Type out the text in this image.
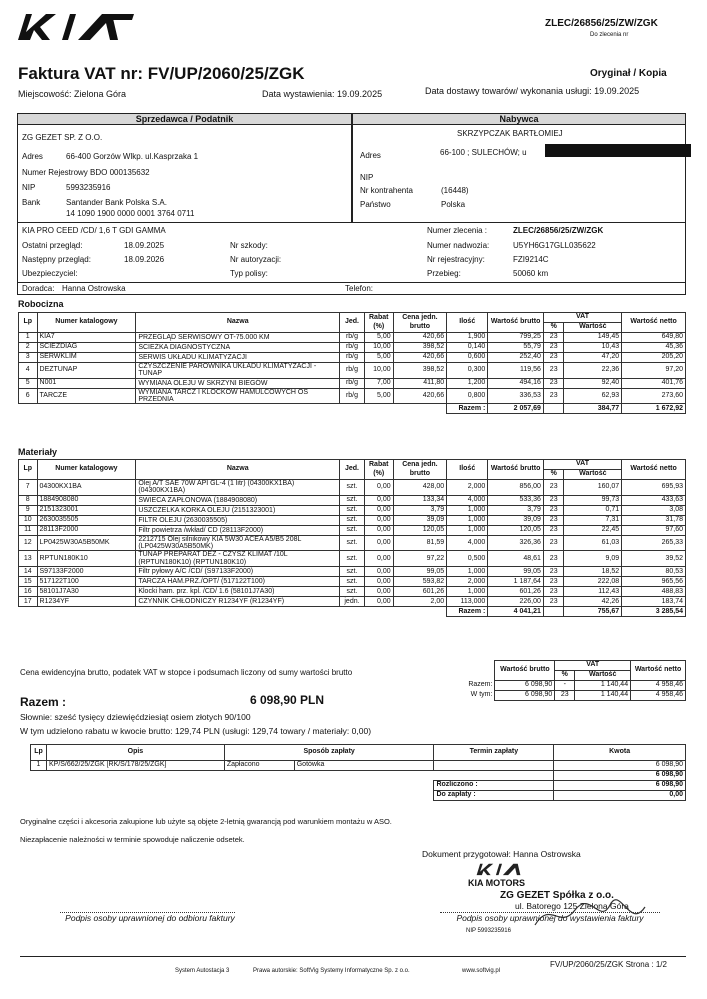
ZLEC/26856/25/ZW/ZGK
Do zlecenia nr
Faktura VAT nr: FV/UP/2060/25/ZGK	Oryginał / Kopia
Miejscowość: Zielona Góra	Data wystawienia: 19.09.2025	Data dostawy towarów/ wykonania usługi: 19.09.2025
Sprzedawca / Podatnik
ZG GEZET SP. Z O.O.
Adres	66-400 Gorzów Wlkp. ul.Kasprzaka 1
Numer Rejestrowy BDO 000135632
NIP	5993235916
Bank	Santander Bank Polska S.A.
14 1090 1900 0000 0001 3764 0711
Nabywca
SKRZYPCZAK BARTŁOMIEJ
Adres	66-100 ; SULECHÓW; u
NIP
Nr kontrahenta	(16448)
Państwo	Polska
KIA PRO CEED /CD/ 1,6 T GDI GAMMA
Ostatni przegląd:	18.09.2025
Następny przegląd:	18.09.2026
Ubezpieczyciel:
Nr szkody:
Nr autoryzacji:
Typ polisy:
Numer zlecenia :	ZLEC/26856/25/ZW/ZGK
Numer nadwozia:	U5YH6G17GLL035622
Nr rejestracyjny:	FZI9214C
Przebieg:	50060 km
Doradca: Hanna Ostrowska	Telefon:
Robocizna
Lp	Numer katalogowy	Nazwa	Jed.	Rabat (%)	Cena jedn. brutto	Ilość	Wartość brutto	VAT		Wartość netto
								%	Wartość	
1	KIA7	PRZEGLĄD SERWISOWY OT-75.000 KM	rb/g	5,00	420,66	1,900	799,25	23	149,45	649,80
2	SCIEZDIAG	ŚCIEŻKA DIAGNOSTYCZNA	rb/g	10,00	398,52	0,140	55,79	23	10,43	45,36
3	SERWKLIM	SERWIS UKŁADU KLIMATYZACJI	rb/g	5,00	420,66	0,600	252,40	23	47,20	205,20
4	DEZTUNAP	CZYSZCZENIE PAROWNIKA UKŁADU KLIMATYZACJI - TUNAP	rb/g	10,00	398,52	0,300	119,56	23	22,36	97,20
5	N001	WYMIANA OLEJU W SKRZYNI BIEGÓW	rb/g	7,00	411,80	1,200	494,16	23	92,40	401,76
6	TARCZE	WYMIANA TARCZ I KLOCKÓW HAMULCOWYCH OŚ PRZEDNIA	rb/g	5,00	420,66	0,800	336,53	23	62,93	273,60
						Razem :	2 057,69		384,77	1 672,92
Materiały
Lp	Numer katalogowy	Nazwa	Jed.	Rabat (%)	Cena jedn. brutto	Ilość	Wartość brutto	VAT		Wartość netto
								%	Wartość	
7	04300KX1BA	Olej A/T SAE 70W API GL-4 (1 litr) (04300KX1BA) (04300KX1BA)	szt.	0,00	428,00	2,000	856,00	23	160,07	695,93
8	1884908080	ŚWIECA ZAPŁONOWA (1884908080)	szt.	0,00	133,34	4,000	533,36	23	99,73	433,63
9	2151323001	USZCZELKA KORKA OLEJU (2151323001)	szt.	0,00	3,79	1,000	3,79	23	0,71	3,08
10	2630035505	FILTR OLEJU (2630035505)	szt.	0,00	39,09	1,000	39,09	23	7,31	31,78
11	28113F2000	Filtr powietrza /wkład/ CD (28113F2000)	szt.	0,00	120,05	1,000	120,05	23	22,45	97,60
12	LP0425W30A5B50MK	2212715 Olej silnikowy KIA 5W30 ACEA A5/B5 208L (LP0425W30A5B50MK)	szt.	0,00	81,59	4,000	326,36	23	61,03	265,33
13	RPTUN180K10	TUNAP PREPARAT DEZ - CZYSZ KLIMAT /10L (RPTUN180K10) (RPTUN180K10)	szt.	0,00	97,22	0,500	48,61	23	9,09	39,52
14	S97133F2000	Filtr pyłowy A/C /CD/ (S97133F2000)	szt.	0,00	99,05	1,000	99,05	23	18,52	80,53
15	517122T100	TARCZA HAM.PRZ./OPT/ (517122T100)	szt.	0,00	593,82	2,000	1 187,64	23	222,08	965,56
16	58101J7A30	Klocki ham. prz. kpl. /CD/ 1.6 (58101J7A30)	szt.	0,00	601,26	1,000	601,26	23	112,43	488,83
17	R1234YF	CZYNNIK CHŁODNICZY R1234YF (R1234YF)	jedn.	0,00	2,00	113,000	226,00	23	42,26	183,74
						Razem :	4 041,21		755,67	3 285,54
Cena ewidencyjna brutto, podatek VAT w stopce i podsumach liczony od sumy wartości brutto
		Wartość brutto	VAT		Wartość netto
		%	Wartość	
Razem:	6 098,90	-	1 140,44	4 958,46
W tym:	6 098,90	23	1 140,44	4 958,46
Razem :	6 098,90 PLN
Słownie: sześć tysięcy dziewięćdziesiąt osiem złotych 90/100
W tym udzielono rabatu w kwocie brutto: 129,74 PLN (usługi: 129,74 towary / materiały: 0,00)
Lp	Opis	Sposób zapłaty		Termin zapłaty	Kwota
1	KP/S/662/25/ZGK [RK/S/178/25/ZGK]	Zapłacono	Gotówka		6 098,90
					6 098,90
				Rozliczono :	6 098,90
				Do zapłaty :	0,00
Oryginalne części i akcesoria zakupione lub użyte są objęte 2-letnią gwarancją pod warunkiem montażu w ASO.
Niezapłacenie należności w terminie spowoduje naliczenie odsetek.
Dokument przygotował: Hanna Ostrowska
KIA MOTORS
ZG GEZET Spółka z o.o.
ul. Batorego 125 Zielona Góra
NIP 5993235916
Podpis osoby uprawnionej do odbioru faktury	Podpis osoby uprawnionej do wystawienia faktury
FV/UP/2060/25/ZGK Strona : 1/2
System Autostacja 3	Prawa autorskie: SoftVig Systemy Informatyczne Sp. z o.o.	www.softvig.pl
